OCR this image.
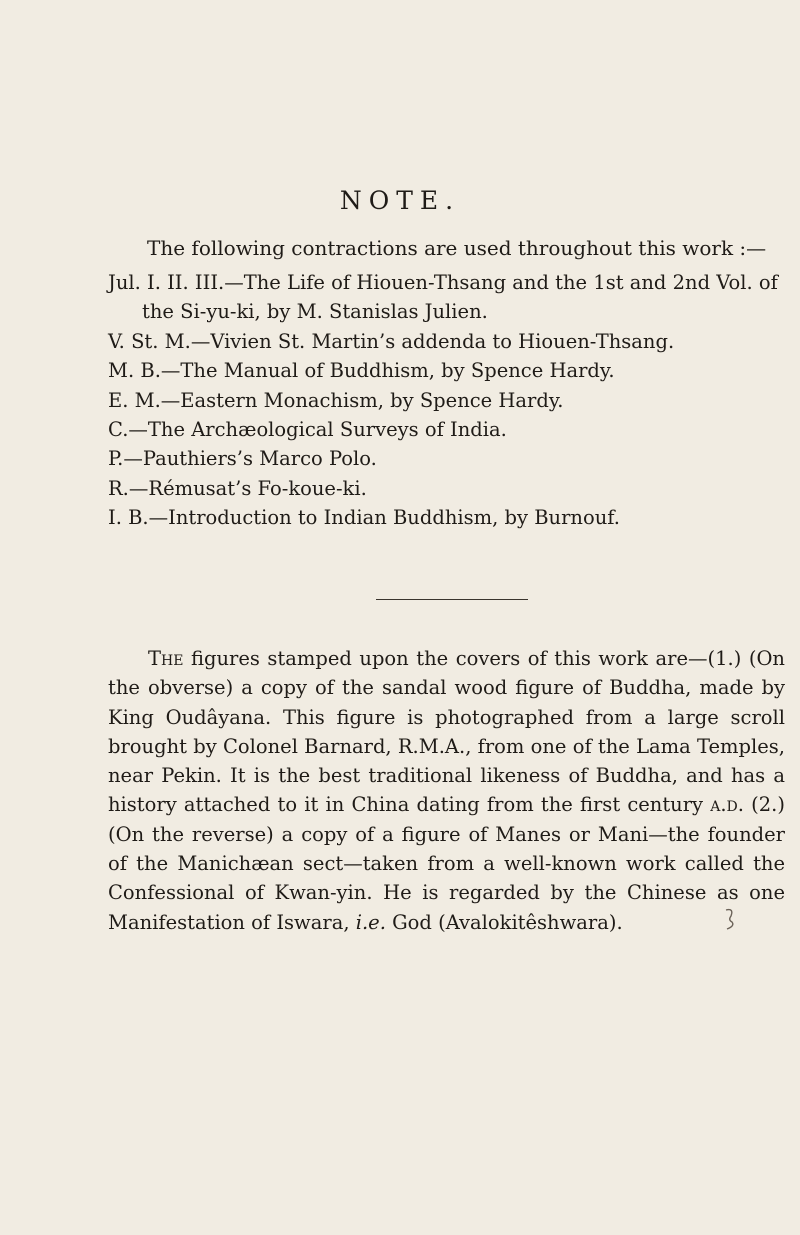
NOTE.

The following contractions are used throughout this work :—

Jul. I. II. III.—The Life of Hiouen-Thsang and the 1st and 2nd Vol. of the Si-yu-ki, by M. Stanislas Julien.
V. St. M.—Vivien St. Martin’s addenda to Hiouen-Thsang.
M. B.—The Manual of Buddhism, by Spence Hardy.
E. M.—Eastern Monachism, by Spence Hardy.
C.—The Archæological Surveys of India.
P.—Pauthiers’s Marco Polo.
R.—Rémusat’s Fo-koue-ki.
I. B.—Introduction to Indian Buddhism, by Burnouf.

The figures stamped upon the covers of this work are—(1.) (On the obverse) a copy of the sandal wood figure of Buddha, made by King Oudâyana. This figure is photographed from a large scroll brought by Colonel Barnard, R.M.A., from one of the Lama Temples, near Pekin. It is the best traditional likeness of Buddha, and has a history attached to it in China dating from the first century a.d. (2.) (On the reverse) a copy of a figure of Manes or Mani—the founder of the Manichæan sect—taken from a well-known work called the Confessional of Kwan-yin. He is regarded by the Chinese as one Manifestation of Iswara, i.e. God (Avalokitêshwara).
